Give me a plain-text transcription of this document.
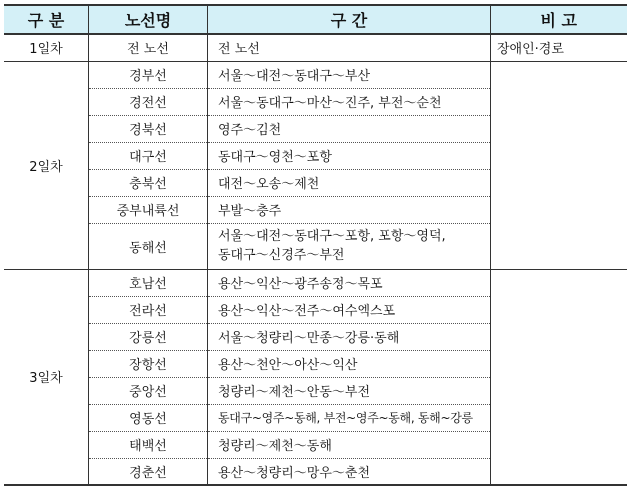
구 분	노선명	구 간	비 고
1일차	전 노선	전 노선	장애인·경로
2일차	경부선	서울～대전～동대구～부산	
	경전선	서울～동대구～마산～진주, 부전～순천	
	경북선	영주～김천	
	대구선	동대구～영천～포항	
	충북선	대전～오송～제천	
	중부내륙선	부발～충주	
	동해선	서울～대전～동대구～포항, 포항～영덕,
동대구～신경주～부전	

3일차	호남선	용산～익산～광주송정～목포	
	전라선	용산～익산～전주～여수엑스포	
	강릉선	서울～청량리～만종～강릉·동해	
	장항선	용산～천안～아산～익산	
	중앙선	청량리～제천～안동～부전	
	영동선	동대구~영주~동해, 부전~영주~동해, 동해~강릉	
	태백선	청량리～제천～동해	
	경춘선	용산～청량리～망우～춘천	
